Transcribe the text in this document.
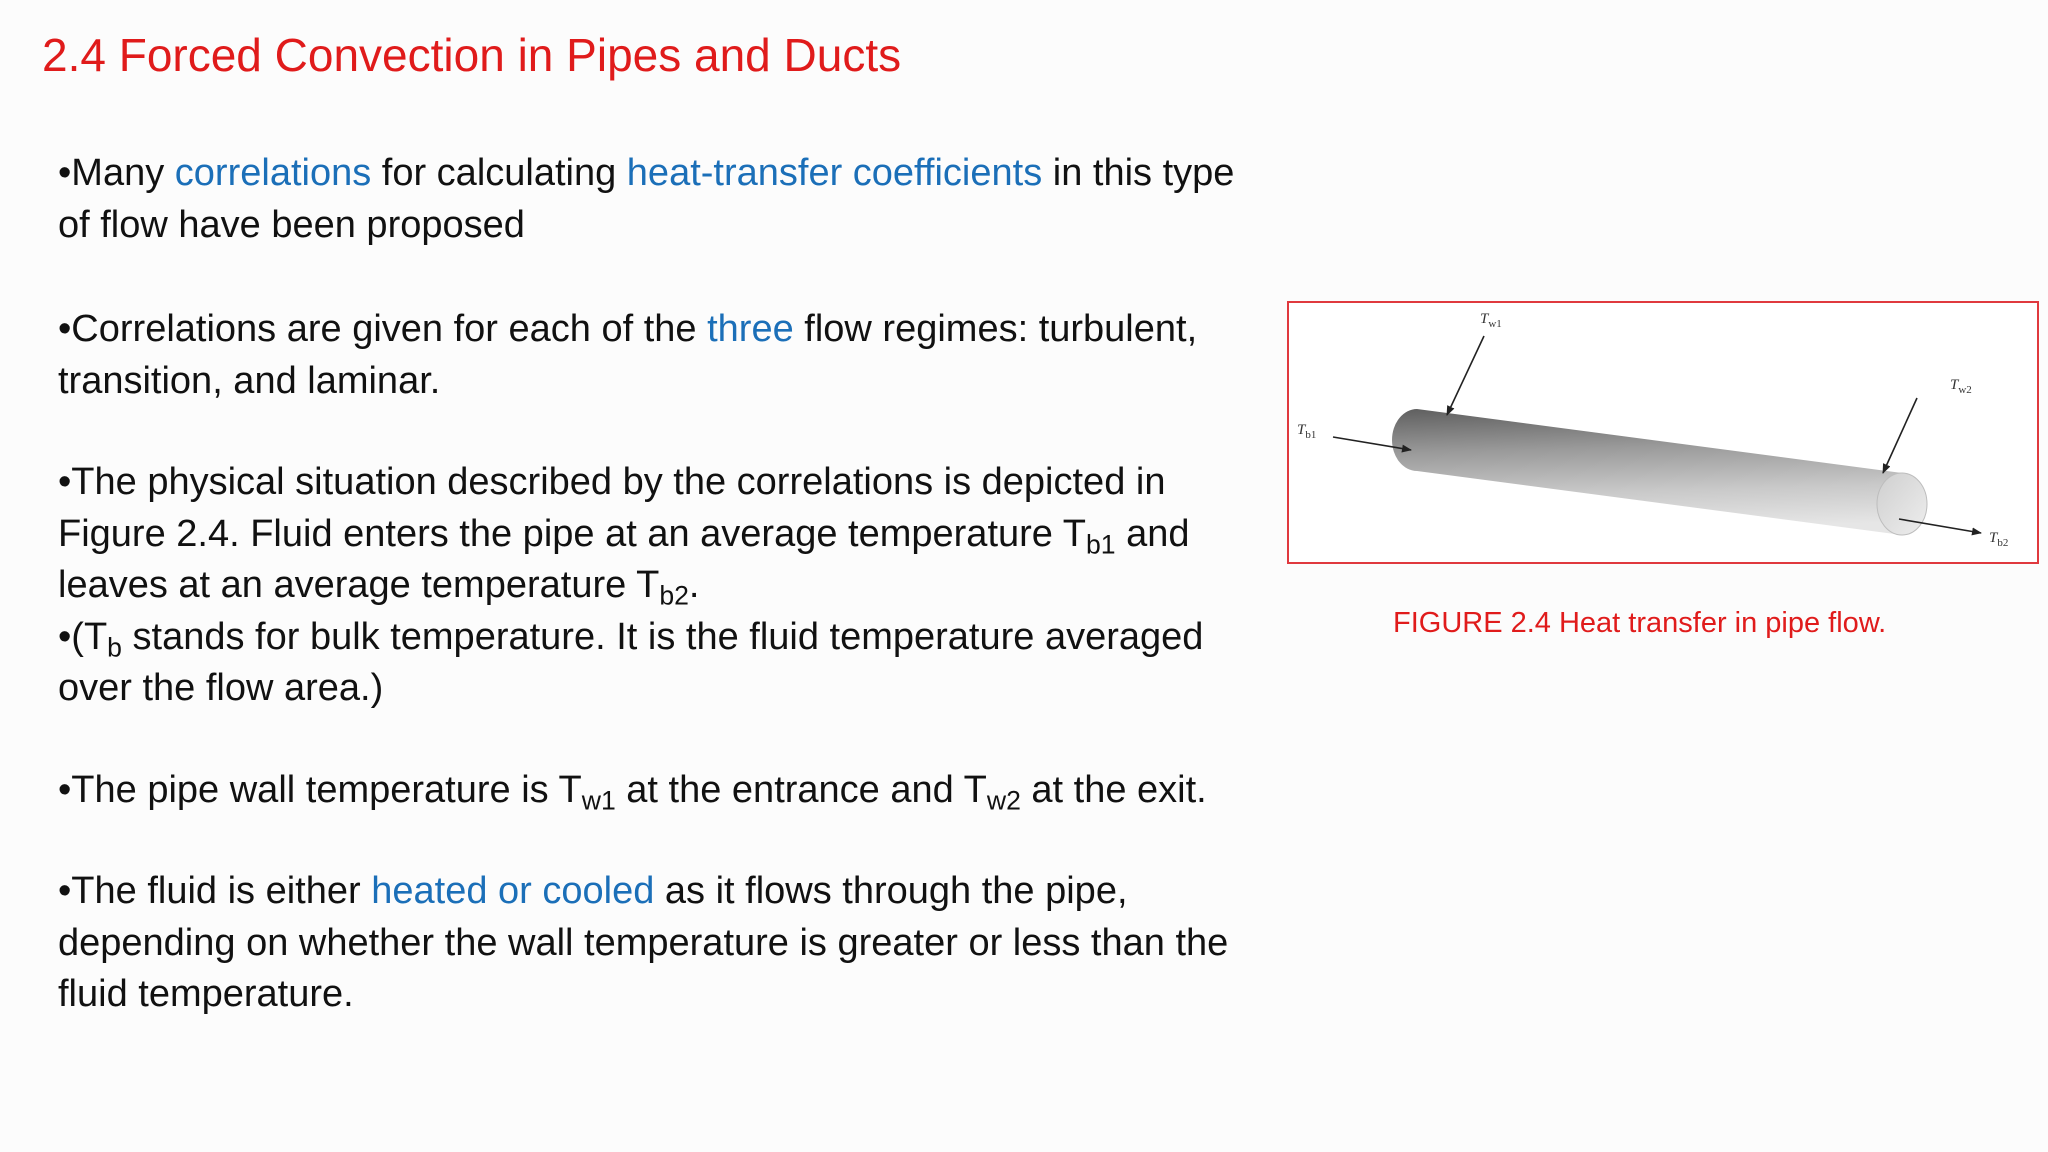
2.4 Forced Convection in Pipes and Ducts

•Many correlations for calculating heat-transfer coefficients in this type of flow have been proposed

•Correlations are given for each of the three flow regimes: turbulent, transition, and laminar.

•The physical situation described by the correlations is depicted in Figure 2.4. Fluid enters the pipe at an average temperature $T_{b1}$ and leaves at an average temperature $T_{b2}$.

$•(T_b$ stands for bulk temperature. It is the fluid temperature averaged over the flow area.)

•The pipe wall temperature is $T_{w1}$ at the entrance and $T_{w2}$ at the exit.

•The fluid is either heated or cooled as it flows through the pipe, depending on whether the wall temperature is greater or less than the fluid temperature.

$T_{w1}$
$T_{w2}$
$T_{b1}$
$T_{b2}$
FIGURE 2.4 Heat transfer in pipe flow.
